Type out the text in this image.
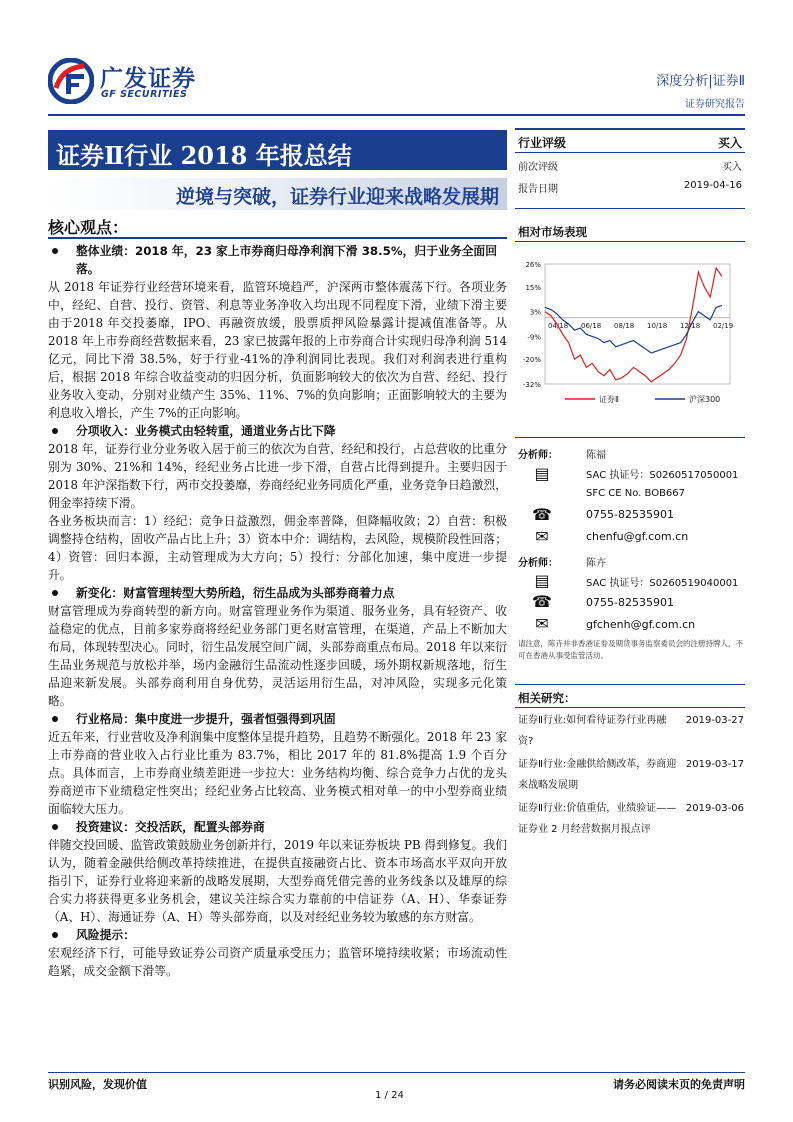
广发证券
GF SECURITIES
深度分析|证券Ⅱ
证券研究报告
证券Ⅱ行业 2018 年报总结
逆境与突破，证券行业迎来战略发展期
核心观点：
整体业绩：2018 年，23 家上市券商归母净利润下滑 38.5%，归于业务全面回落。

从 2018 年证券行业经营环境来看，监管环境趋严，沪深两市整体震荡下行。各项业务中，经纪、自营、投行、资管、利息等业务净收入均出现不同程度下滑，业绩下滑主要由于2018 年交投萎靡，IPO、再融资放缓，股票质押风险暴露计提减值准备等。从 2018 年上市券商经营数据来看，23 家已披露年报的上市券商合计实现归母净利润 514 亿元，同比下滑 38.5%，好于行业-41%的净利润同比表现。我们对利润表进行重构后，根据 2018 年综合收益变动的归因分析，负面影响较大的依次为自营、经纪、投行业务收入变动，分别对业绩产生 35%、11%、7%的负向影响；正面影响较大的主要为利息收入增长，产生 7%的正向影响。

分项收入：业务模式由轻转重，通道业务占比下降

2018 年，证券行业分业务收入居于前三的依次为自营、经纪和投行，占总营收的比重分别为 30%、21%和 14%，经纪业务占比进一步下滑，自营占比得到提升。主要归因于 2018 年沪深指数下行，两市交投萎靡，券商经纪业务同质化严重，业务竞争日趋激烈，佣金率持续下滑。

各业务板块而言：1）经纪：竞争日益激烈，佣金率普降，但降幅收敛；2）自营：积极调整持仓结构，固收产品占比上升；3）资本中介：调结构，去风险，规模阶段性回落；4）资管：回归本源，主动管理成为大方向；5）投行：分部化加速，集中度进一步提升。

新变化：财富管理转型大势所趋，衍生品成为头部券商着力点

财富管理成为券商转型的新方向。财富管理业务作为渠道、服务业务，具有轻资产、收益稳定的优点，目前多家券商将经纪业务部门更名财富管理，在渠道，产品上不断加大布局，体现转型决心。同时，衍生品发展空间广阔，头部券商重点布局。2018 年以来衍生品业务规范与放松并举，场内金融衍生品流动性逐步回暖，场外期权新规落地，衍生品迎来新发展。头部券商利用自身优势，灵活运用衍生品，对冲风险，实现多元化策略。

行业格局：集中度进一步提升，强者恒强得到巩固

近五年来，行业营收及净利润集中度整体呈提升趋势，且趋势不断强化。2018 年 23 家上市券商的营业收入占行业比重为 83.7%，相比 2017 年的 81.8%提高 1.9 个百分点。具体而言，上市券商业绩差距进一步拉大：业务结构均衡、综合竞争力占优的龙头券商逆市下业绩稳定性突出；经纪业务占比较高、业务模式相对单一的中小型券商业绩面临较大压力。

投资建议：交投活跃，配置头部券商

伴随交投回暖、监管政策鼓励业务创新并行，2019 年以来证券板块 PB 得到修复。我们认为，随着金融供给侧改革持续推进，在提供直接融资占比、资本市场高水平双向开放指引下，证券行业将迎来新的战略发展期，大型券商凭借完善的业务线条以及雄厚的综合实力将获得更多业务机会，建议关注综合实力靠前的中信证券（A、H）、华泰证券（A、H）、海通证券（A、H）等头部券商，以及对经纪业务较为敏感的东方财富。

风险提示：

宏观经济下行，可能导致证券公司资产质量承受压力；监管环境持续收紧；市场流动性趋紧，成交金额下滑等。

行业评级	买入
前次评级	买入
报告日期	2019-04-16
相对市场表现
26%
15%
3%
-9%
-20%
-32%
04/18 06/18 08/18 10/18 12/18 02/19
证券Ⅱ	沪深300
分析师：	陈福
▤	SAC 执证号：S0260517050001
SFC CE No. BOB667
☎	0755-82535901
✉	chenfu@gf.com.cn
分析师：	陈卉
▤	SAC 执证号：S0260519040001
☎	0755-82535901
✉	gfchenh@gf.com.cn
请注意，陈卉并非香港证券及期货事务监察委员会的注册持牌人，不可在香港从事受监管活动。
相关研究：
证券Ⅱ行业:如何看待证券行业再融资?
2019-03-27
证券Ⅱ行业:金融供给侧改革，券商迎来战略发展期
2019-03-17
证券Ⅱ行业:价值重估，业绩验证——证券业 2 月经营数据月报点评
2019-03-06
识别风险，发现价值	请务必阅读末页的免责声明
1 / 24
